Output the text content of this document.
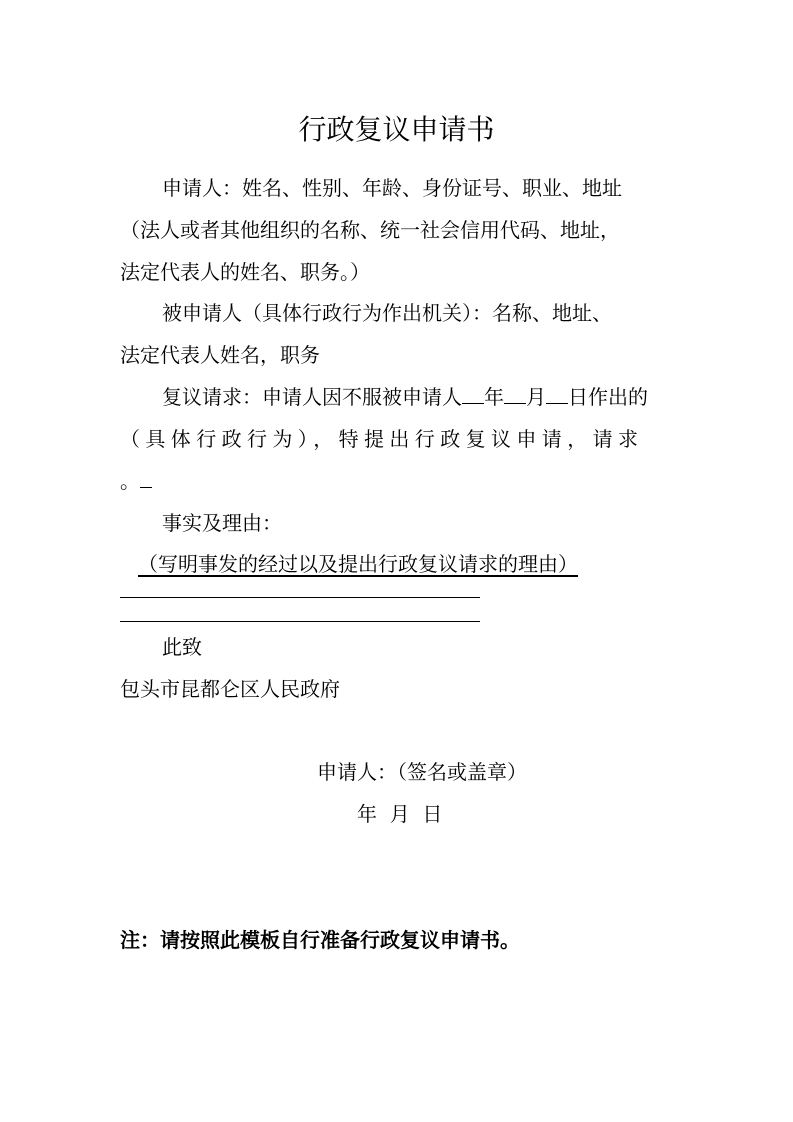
行政复议申请书
申请人：姓名、性别、年龄、身份证号、职业、地址
（法人或者其他组织的名称、统一社会信用代码、地址，
法定代表人的姓名、职务。）
被申请人（具体行政行为作出机关）：名称、地址、
法定代表人姓名，职务
复议请求：申请人因不服被申请人 年 月 日作出的
（具体行政行为），特提出行政复议申请，请求
。
事实及理由：
（写明事发的经过以及提出行政复议请求的理由）
此致
包头市昆都仑区人民政府
申请人：（签名或盖章）
年  月  日
注：请按照此模板自行准备行政复议申请书。
